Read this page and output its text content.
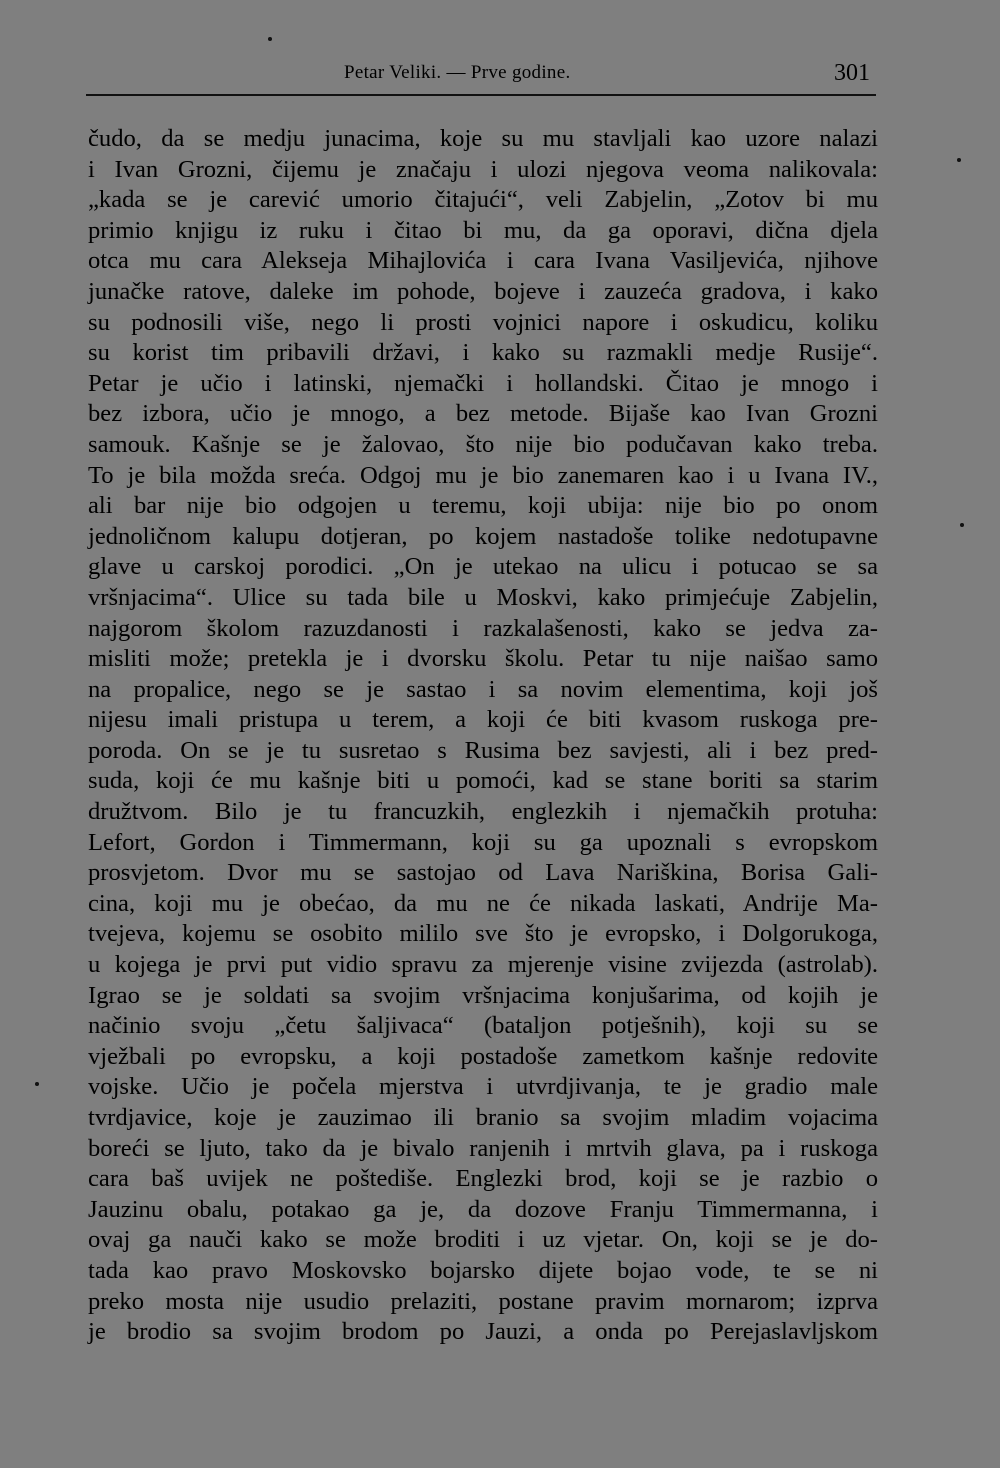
Petar Veliki. — Prve godine.	301
čudo, da se medju junacima, koje su mu stavljali kao uzore nalazi
i Ivan Grozni, čijemu je značaju i ulozi njegova veoma nalikovala:
„kada se je carević umorio čitajući“, veli Zabjelin, „Zotov bi mu
primio knjigu iz ruku i čitao bi mu, da ga oporavi, dična djela
otca mu cara Alekseja Mihajlovića i cara Ivana Vasiljevića, njihove
junačke ratove, daleke im pohode, bojeve i zauzeća gradova, i kako
su podnosili više, nego li prosti vojnici napore i oskudicu, koliku
su korist tim pribavili državi, i kako su razmakli medje Rusije“.
Petar je učio i latinski, njemački i hollandski. Čitao je mnogo i
bez izbora, učio je mnogo, a bez metode. Bijaše kao Ivan Grozni
samouk. Kašnje se je žalovao, što nije bio podučavan kako treba.
To je bila možda sreća. Odgoj mu je bio zanemaren kao i u Ivana IV.,
ali bar nije bio odgojen u teremu, koji ubija: nije bio po onom
jednoličnom kalupu dotjeran, po kojem nastadoše tolike nedotupavne
glave u carskoj porodici. „On je utekao na ulicu i potucao se sa
vršnjacima“. Ulice su tada bile u Moskvi, kako primjećuje Zabjelin,
najgorom školom razuzdanosti i razkalašenosti, kako se jedva za-
misliti može; pretekla je i dvorsku školu. Petar tu nije naišao samo
na propalice, nego se je sastao i sa novim elementima, koji još
nijesu imali pristupa u terem, a koji će biti kvasom ruskoga pre-
poroda. On se je tu susretao s Rusima bez savjesti, ali i bez pred-
suda, koji će mu kašnje biti u pomoći, kad se stane boriti sa starim
družtvom. Bilo je tu francuzkih, englezkih i njemačkih protuha:
Lefort, Gordon i Timmermann, koji su ga upoznali s evropskom
prosvjetom. Dvor mu se sastojao od Lava Nariškina, Borisa Gali-
cina, koji mu je obećao, da mu ne će nikada laskati, Andrije Ma-
tvejeva, kojemu se osobito mililo sve što je evropsko, i Dolgorukoga,
u kojega je prvi put vidio spravu za mjerenje visine zvijezda (astrolab).
Igrao se je soldati sa svojim vršnjacima konjušarima, od kojih je
načinio svoju „četu šaljivaca“ (bataljon potješnih), koji su se
vježbali po evropsku, a koji postadoše zametkom kašnje redovite
vojske. Učio je počela mjerstva i utvrdjivanja, te je gradio male
tvrdjavice, koje je zauzimao ili branio sa svojim mladim vojacima
boreći se ljuto, tako da je bivalo ranjenih i mrtvih glava, pa i ruskoga
cara baš uvijek ne poštediše. Englezki brod, koji se je razbio o
Jauzinu obalu, potakao ga je, da dozove Franju Timmermanna, i
ovaj ga nauči kako se može broditi i uz vjetar. On, koji se je do-
tada kao pravo Moskovsko bojarsko dijete bojao vode, te se ni
preko mosta nije usudio prelaziti, postane pravim mornarom; izprva
je brodio sa svojim brodom po Jauzi, a onda po Perejaslavljskom
